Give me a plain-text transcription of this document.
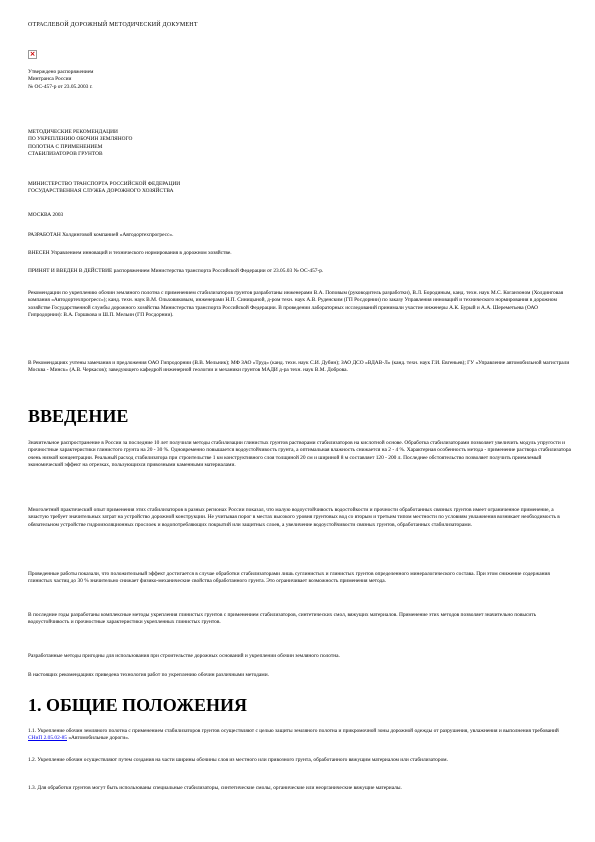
ОТРАСЛЕВОЙ ДОРОЖНЫЙ МЕТОДИЧЕСКИЙ ДОКУМЕНТ

×
Утверждено распоряжением
Минтранса России
№ ОС-457-р от 23.05.2003 г.
МЕТОДИЧЕСКИЕ РЕКОМЕНДАЦИИ
ПО УКРЕПЛЕНИЮ ОБОЧИН ЗЕМЛЯНОГО
ПОЛОТНА С ПРИМЕНЕНИЕМ
СТАБИЛИЗАТОРОВ ГРУНТОВ
МИНИСТЕРСТВО ТРАНСПОРТА РОССИЙСКОЙ ФЕДЕРАЦИИ
ГОСУДАРСТВЕННАЯ СЛУЖБА ДОРОЖНОГО ХОЗЯЙСТВА
МОСКВА 2003
РАЗРАБОТАН Холдинговой компанией «Автодортехпрогресс».
ВНЕСЕН Управлением инноваций и технического нормирования в дорожном хозяйстве.
ПРИНЯТ И ВВЕДЕН В ДЕЙСТВИЕ распоряжением Министерства транспорта Российской Федерации от 23.05.03 № ОС-457-р.
Рекомендации по укреплению обочин земляного полотна с применением стабилизаторов грунтов разработаны инженерами В.А. Поповым (руководитель разработки), В.Л. Бородиным, канд. техн. наук М.С. Коганзоном (Холдинговая компания «Автодортехпрогресс»); канд. техн. наук В.М. Ольховиковым, инженерами Н.П. Синицыной, д-ром техн. наук А.В. Руденским (ГП Росдорнии) по заказу Управления инноваций и технического нормирования в дорожном хозяйстве Государственной службы дорожного хозяйства Министерства транспорта Российской Федерации. В проведении лабораторных исследований принимали участие инженеры А.К. Бурый и А.А. Шереметьева (ОАО Гипродорнии): В.А. Горшкова и Ш.П. Мельин (ГП Росдорнии).
В Рекомендациях учтены замечания и предложения ОАО Гипродорнии (В.В. Мельник); МФ ЗАО «Труд» (канд. техн. наук С.И. Дубин); ЗАО ДСО «ВДАВ-Л» (канд. техн. наук Г.И. Евгеньев); ГУ «Управление автомобильной магистрали Москва - Минск» (А.В. Черкасов); заведующего кафедрой инженерной геологии и механики грунтов МАДИ д-ра техн. наук В.М. Доброва.
ВВЕДЕНИЕ
Значительное распространение в России за последние 10 лет получили методы стабилизации глинистых грунтов растворами стабилизаторов на кислотной основе. Обработка стабилизаторами позволяет увеличить модуль упругости и прочностные характеристики глинистого грунта на 20 - 30 %. Одновременно повышается водоустойчивость грунта, а оптимальная влажность снижается на 2 - 4 %. Характерная особенность метода - применение раствора стабилизатора очень низкой концентрации. Реальный расход стабилизатора при строительстве 1 км конструктивного слоя толщиной 20 см и шириной 8 м составляет 120 - 200 л. Последнее обстоятельство позволяет получить приемлемый экономический эффект на отрезках, пользующихся привозными каменными материалами.
Многолетний практический опыт применения этих стабилизаторов в разных регионах России показал, что малую водоустойчивость водостойкости и прочности обработанных связных грунтов имеет ограниченное применение, а зачастую требует значительных затрат на устройство дорожной конструкции. Не учитывая порог в местах высокого уровня грунтовых вод со вторым и третьим типом местности по условиям увлажнения возникает необходимость в обязательном устройстве гидроизоляционных прослоек и водопотребляющих покрытий или защитных слоев, а увеличение водоустойчивости связных грунтов, обработанных стабилизаторами.
Проведенные работы показали, что положительный эффект достигается в случае обработки стабилизаторами лишь суглинистых и глинистых грунтов определенного минералогического состава. При этом снижение содержания глинистых частиц до 30 % значительно снижает физико-механические свойства обработанного грунта. Это ограничивает возможность применения метода.
В последние годы разработаны комплексные методы укрепления глинистых грунтов с применением стабилизаторов, синтетических смол, вяжущих материалов. Применение этих методов позволяет значительно повысить водоустойчивость и прочностные характеристики укрепленных глинистых грунтов.
Разработанные методы пригодны для использования при строительстве дорожных оснований и укреплении обочин земляного полотна.
В настоящих рекомендациях приведена технология работ по укреплению обочин различными методами.
1. ОБЩИЕ ПОЛОЖЕНИЯ
1.1. Укрепление обочин земляного полотна с применением стабилизаторов грунтов осуществляют с целью защиты земляного полотна и прикромочной зоны дорожной одежды от разрушения, увлажнения и выполнения требований СНиП 2.05.02-85 «Автомобильные дороги».
1.2. Укрепление обочин осуществляют путем создания на части ширины обочины слоя из местного или привозного грунта, обработанного вяжущим материалом или стабилизатором.
1.3. Для обработки грунтов могут быть использованы специальные стабилизаторы, синтетические смолы, органические или неорганические вяжущие материалы.
